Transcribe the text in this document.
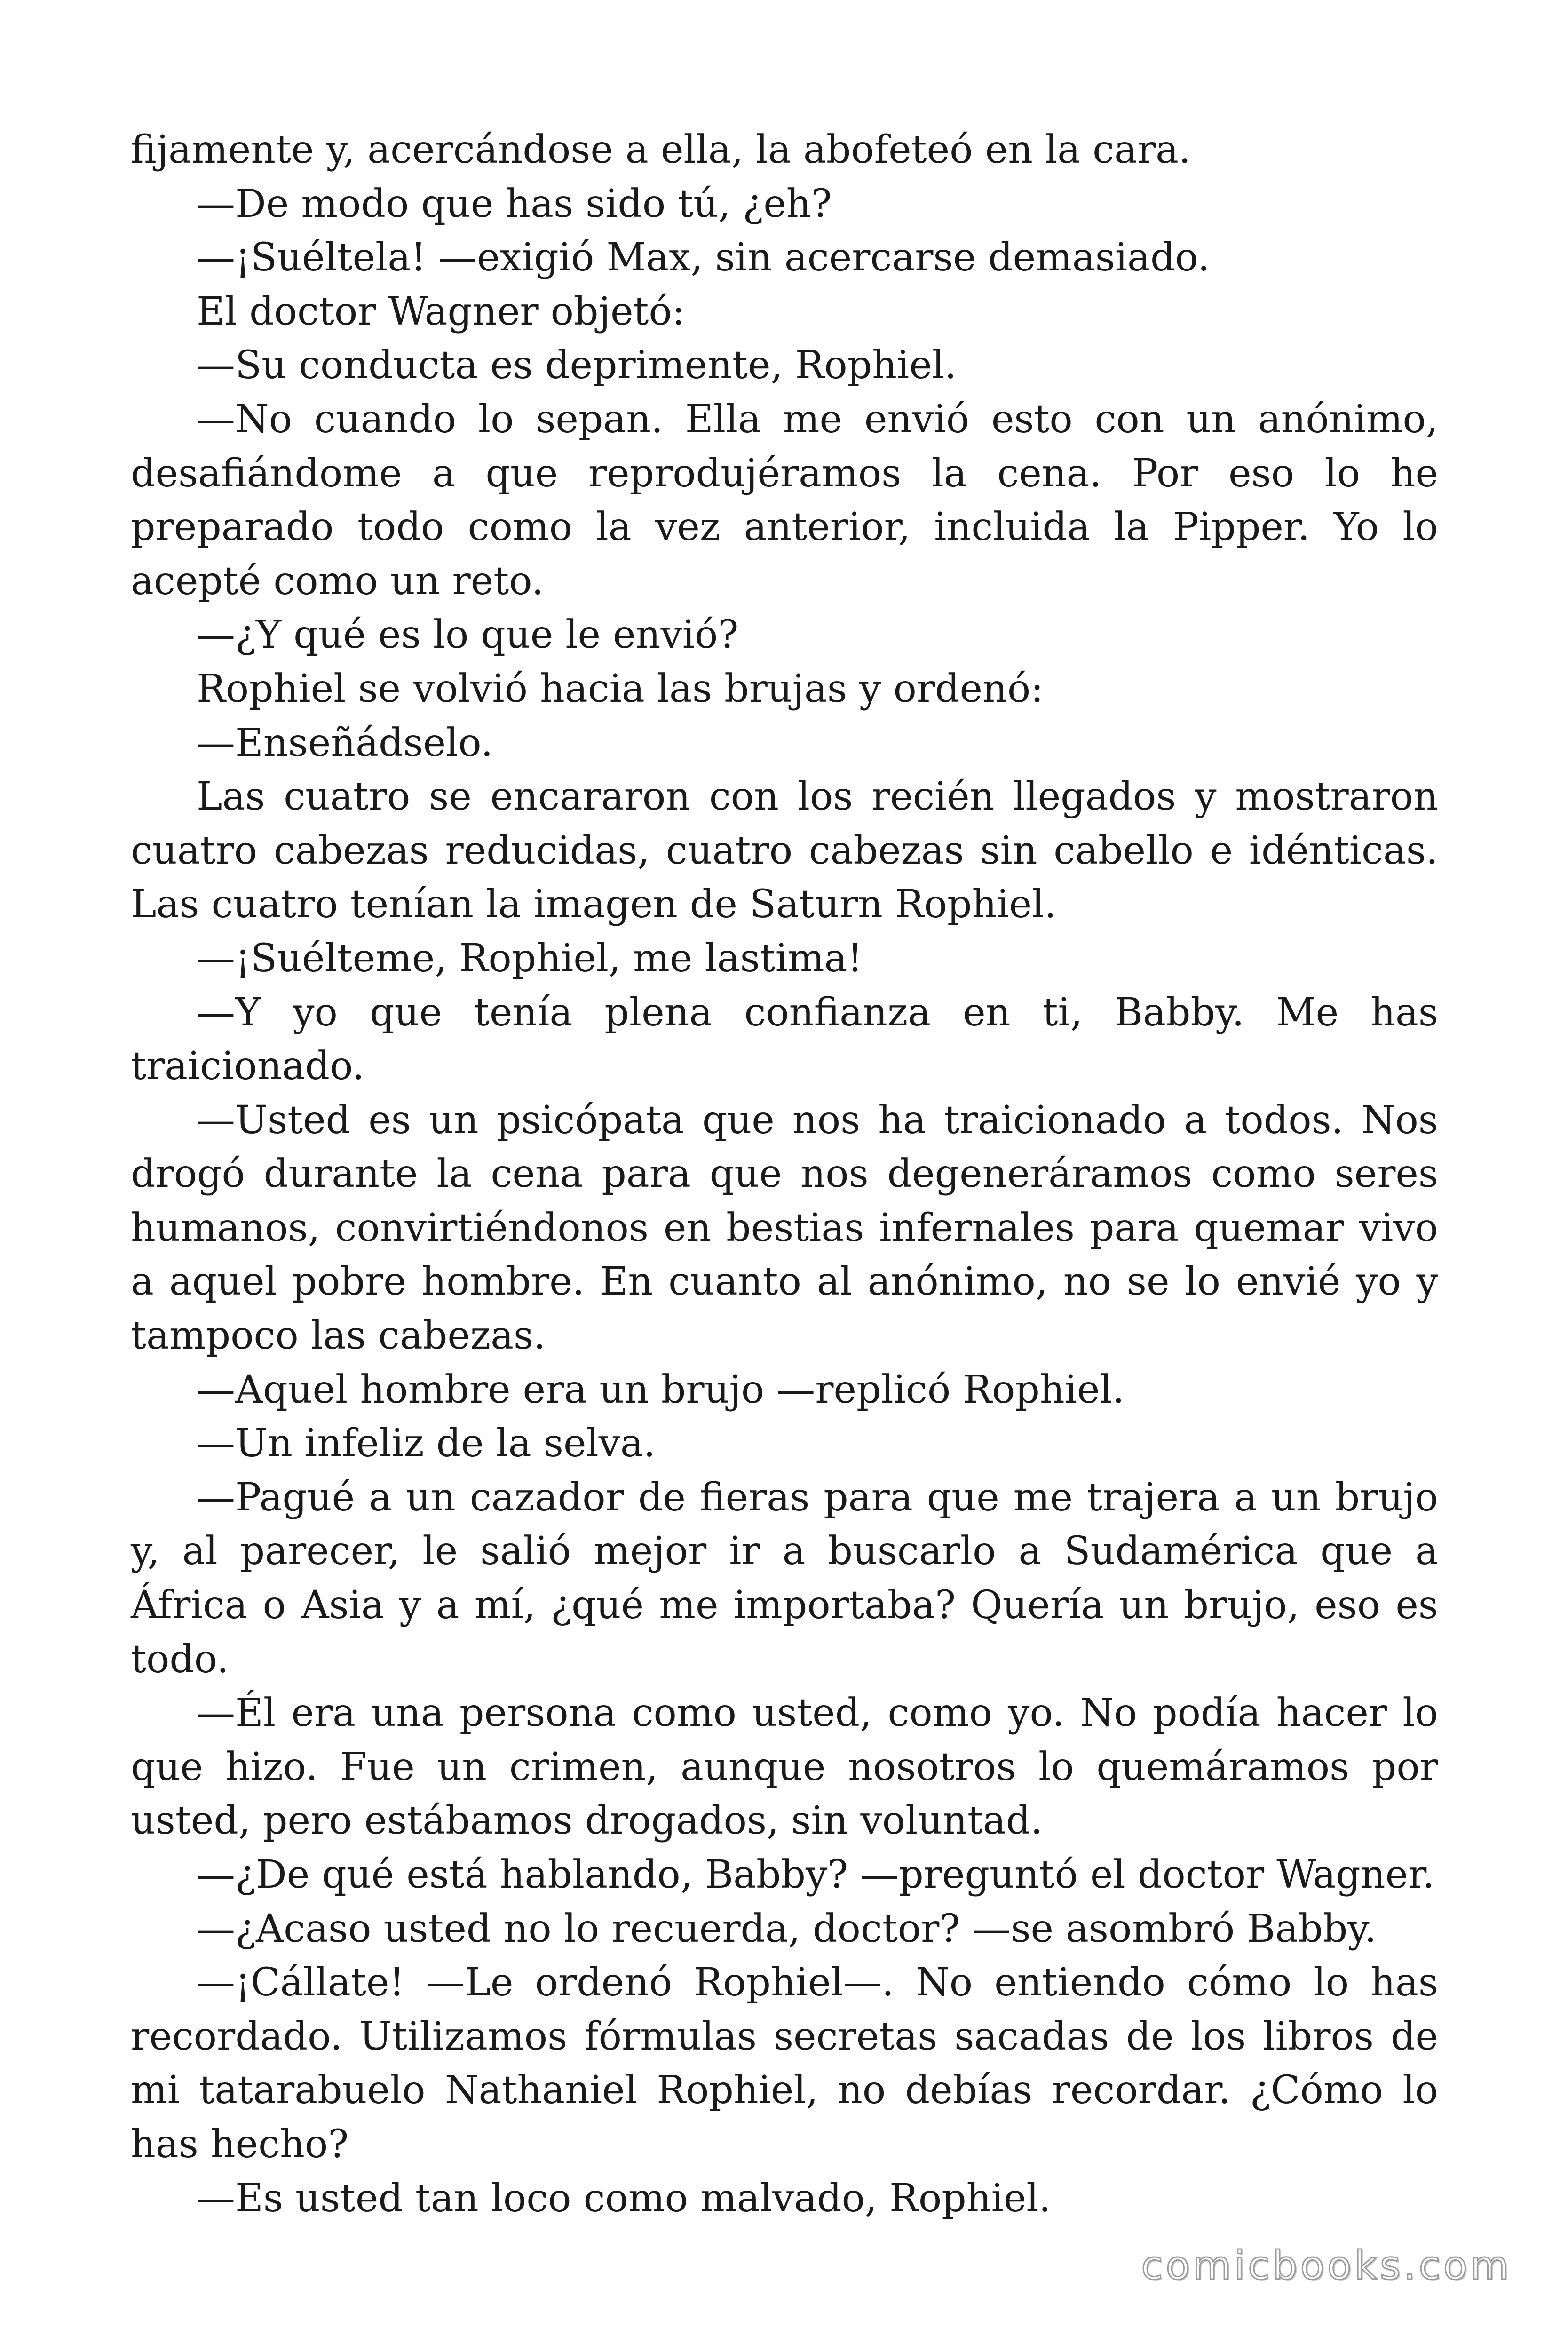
fijamente y, acercándose a ella, la abofeteó en la cara.

—De modo que has sido tú, ¿eh?

—¡Suéltela! —exigió Max, sin acercarse demasiado.

El doctor Wagner objetó:

—Su conducta es deprimente, Rophiel.

—No cuando lo sepan. Ella me envió esto con un anónimo, desafiándome a que reprodujéramos la cena. Por eso lo he preparado todo como la vez anterior, incluida la Pipper. Yo lo acepté como un reto.

—¿Y qué es lo que le envió?

Rophiel se volvió hacia las brujas y ordenó:

—Enseñádselo.

Las cuatro se encararon con los recién llegados y mostraron cuatro cabezas reducidas, cuatro cabezas sin cabello e idénticas. Las cuatro tenían la imagen de Saturn Rophiel.

—¡Suélteme, Rophiel, me lastima!

—Y yo que tenía plena confianza en ti, Babby. Me has traicionado.

—Usted es un psicópata que nos ha traicionado a todos. Nos drogó durante la cena para que nos degeneráramos como seres humanos, convirtiéndonos en bestias infernales para quemar vivo a aquel pobre hombre. En cuanto al anónimo, no se lo envié yo y tampoco las cabezas.

—Aquel hombre era un brujo —replicó Rophiel.

—Un infeliz de la selva.

—Pagué a un cazador de fieras para que me trajera a un brujo y, al parecer, le salió mejor ir a buscarlo a Sudamérica que a África o Asia y a mí, ¿qué me importaba? Quería un brujo, eso es todo.

—Él era una persona como usted, como yo. No podía hacer lo que hizo. Fue un crimen, aunque nosotros lo quemáramos por usted, pero estábamos drogados, sin voluntad.

—¿De qué está hablando, Babby? —preguntó el doctor Wagner.

—¿Acaso usted no lo recuerda, doctor? —se asombró Babby.

—¡Cállate! —Le ordenó Rophiel—. No entiendo cómo lo has recordado. Utilizamos fórmulas secretas sacadas de los libros de mi tatarabuelo Nathaniel Rophiel, no debías recordar. ¿Cómo lo has hecho?

—Es usted tan loco como malvado, Rophiel.

comicbooks.com
